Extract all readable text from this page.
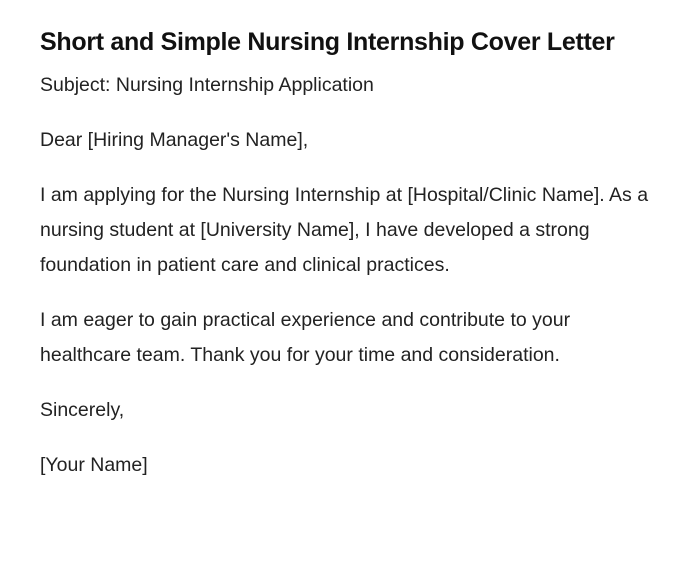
Short and Simple Nursing Internship Cover Letter

Subject: Nursing Internship Application

Dear [Hiring Manager's Name],

I am applying for the Nursing Internship at [Hospital/Clinic Name]. As a nursing student at [University Name], I have developed a strong foundation in patient care and clinical practices.

I am eager to gain practical experience and contribute to your healthcare team. Thank you for your time and consideration.

Sincerely,

[Your Name]
